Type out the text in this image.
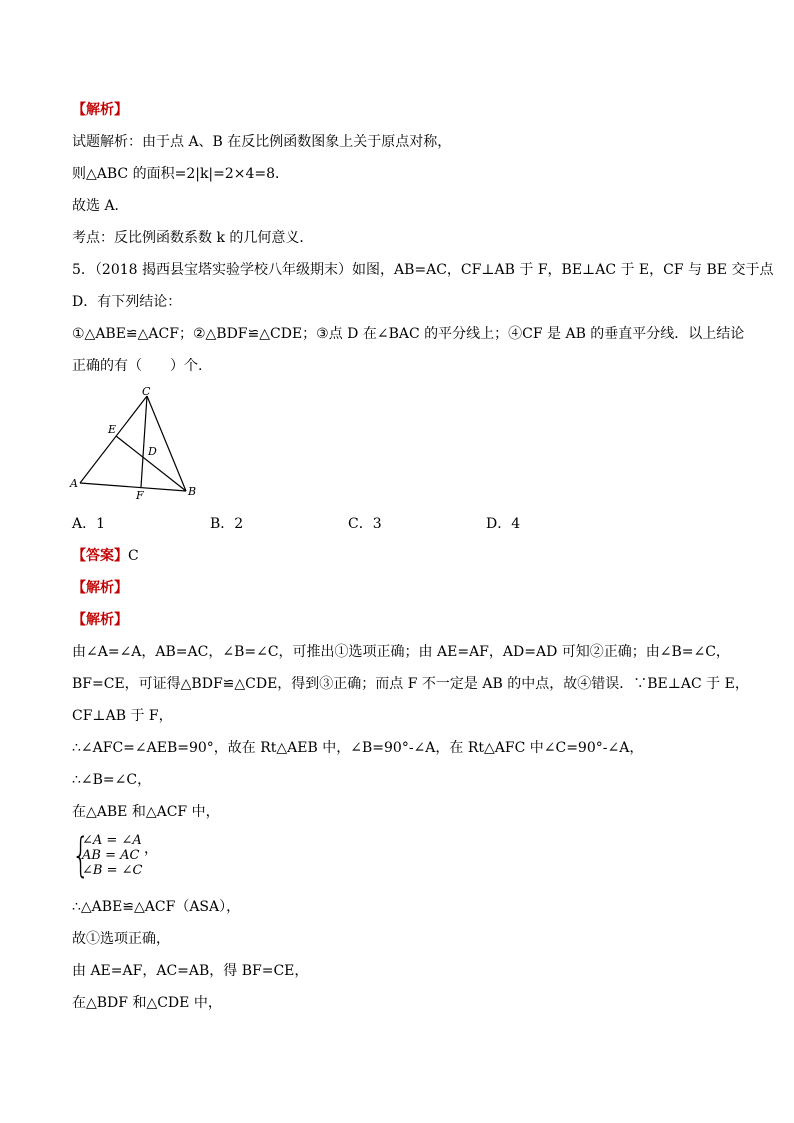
【解析】
试题解析：由于点 A、B 在反比例函数图象上关于原点对称，
则△ABC 的面积=2|k|=2×4=8．
故选 A．
考点：反比例函数系数 k 的几何意义．
5．（2018 揭西县宝塔实验学校八年级期末）如图，AB=AC，CF⊥AB 于 F，BE⊥AC 于 E，CF 与 BE 交于点
D．有下列结论：
①△ABE≌△ACF；②△BDF≌△CDE；③点 D 在∠BAC 的平分线上；④CF 是 AB 的垂直平分线．以上结论
正确的有（　　）个.
C
E
D
A
F	B
A．1	B．2	C．3	D．4
【答案】C
【解析】
【解析】
由∠A=∠A，AB=AC，∠B=∠C，可推出①选项正确；由 AE=AF，AD=AD 可知②正确；由∠B=∠C，
BF=CE，可证得△BDF≌△CDE，得到③正确；而点 F 不一定是 AB 的中点，故④错误．∵BE⊥AC 于 E，
CF⊥AB 于 F，
∴∠AFC=∠AEB=90°，故在 Rt△AEB 中，∠B=90°-∠A，在 Rt△AFC 中∠C=90°-∠A，
∴∠B=∠C，
在△ABE 和△ACF 中，
{
∠A = ∠A
AB = AC
∠B = ∠C
，
∴△ABE≌△ACF（ASA），
故①选项正确，
由 AE=AF，AC=AB，得 BF=CE，
在△BDF 和△CDE 中，
